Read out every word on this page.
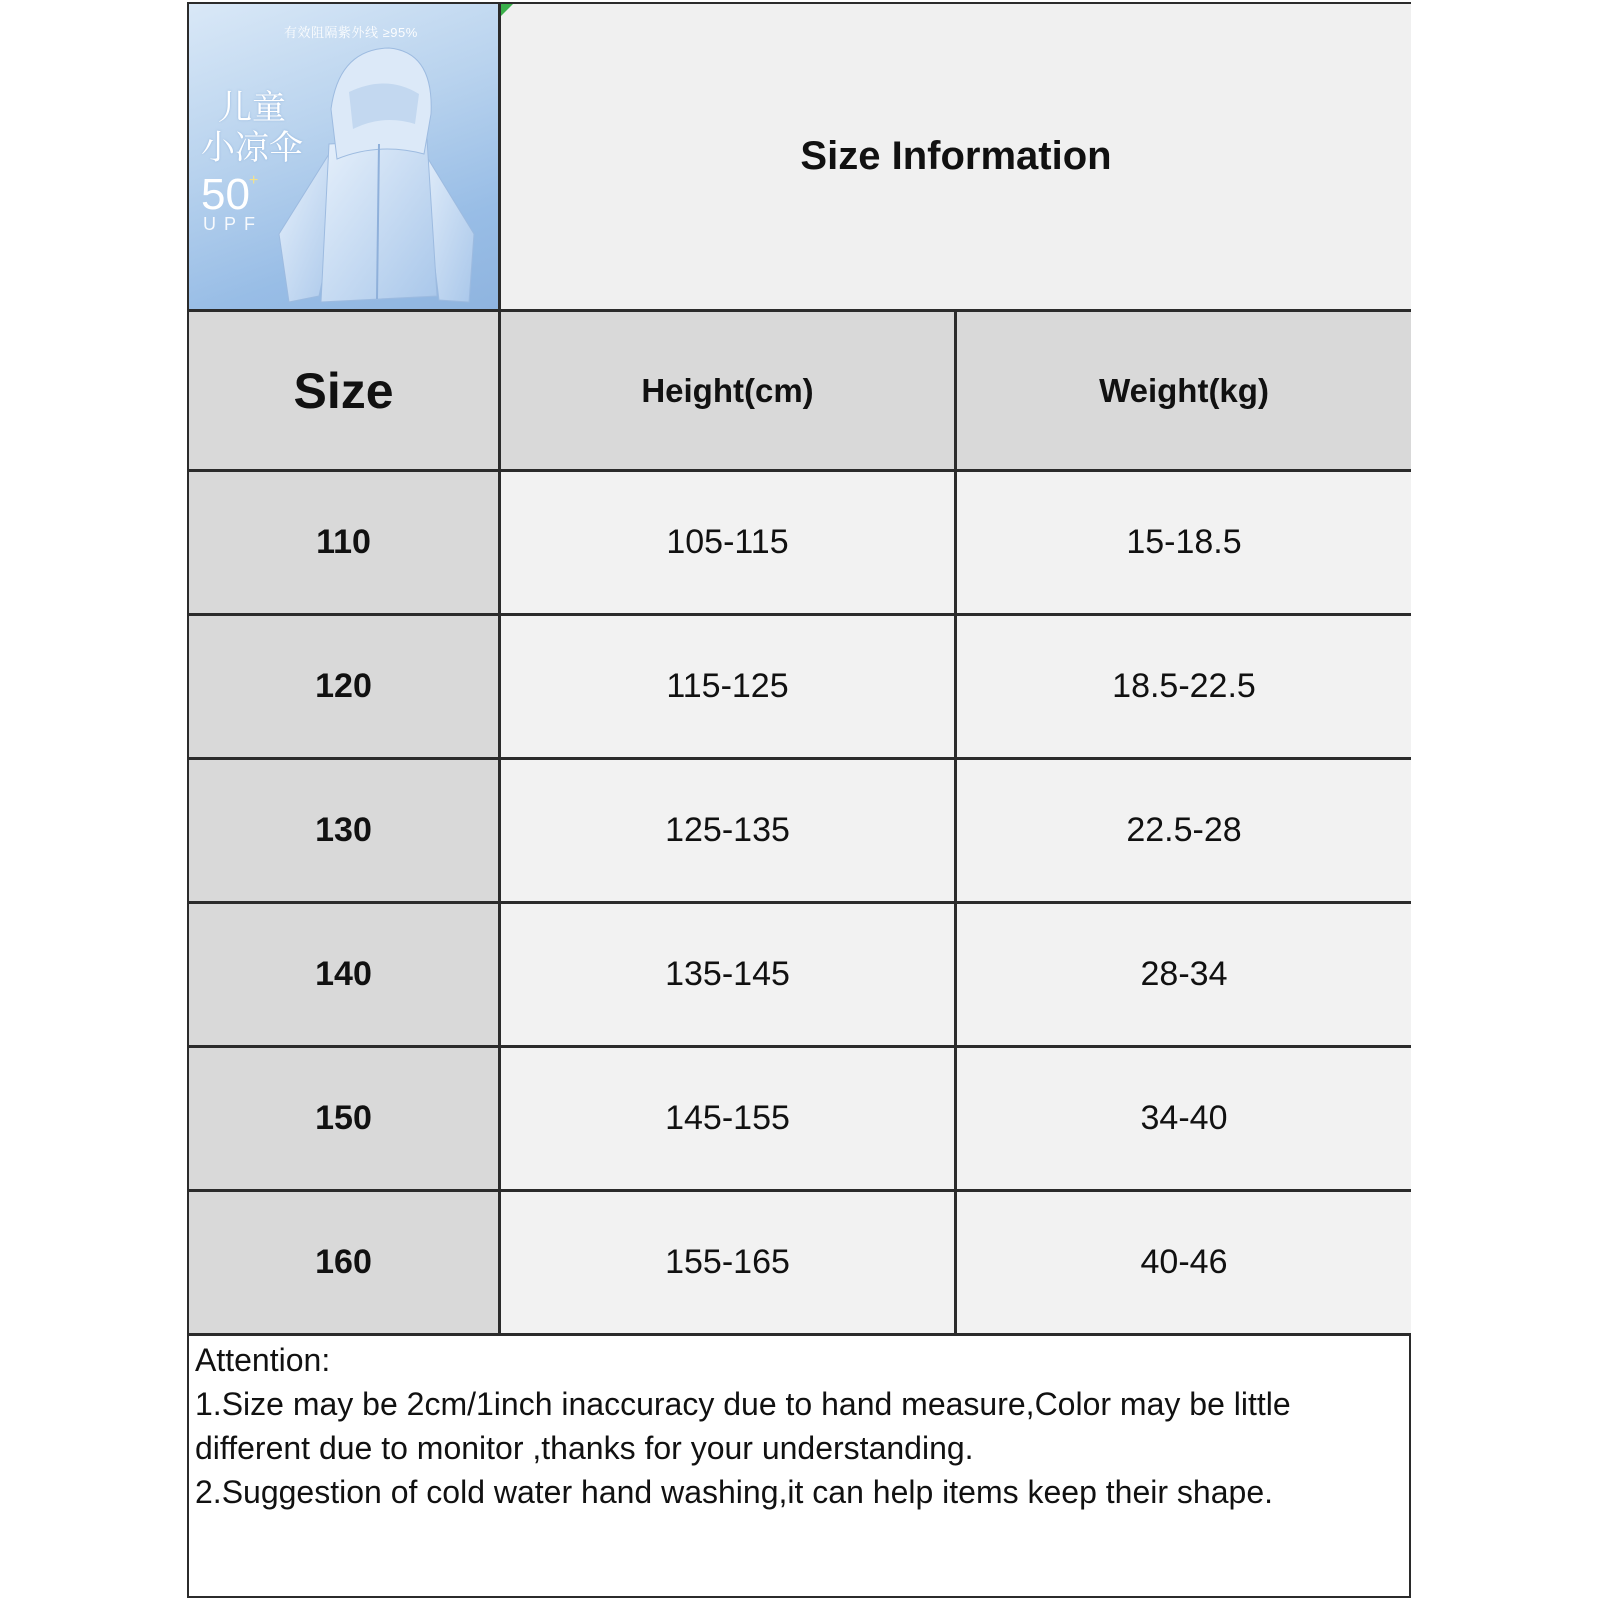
有效阻隔紫外线 ≥95%
儿童
小凉伞
50 +
UPF
Size Information
Size	Height(cm)	Weight(kg)
110	105-115	15-18.5
120	115-125	18.5-22.5
130	125-135	22.5-28
140	135-145	28-34
150	145-155	34-40
160	155-165	40-46
Attention:
1.Size may be 2cm/1inch inaccuracy due to hand measure,Color may be little
different due to monitor ,thanks for your understanding.
2.Suggestion of cold water hand washing,it can help items keep their shape.
